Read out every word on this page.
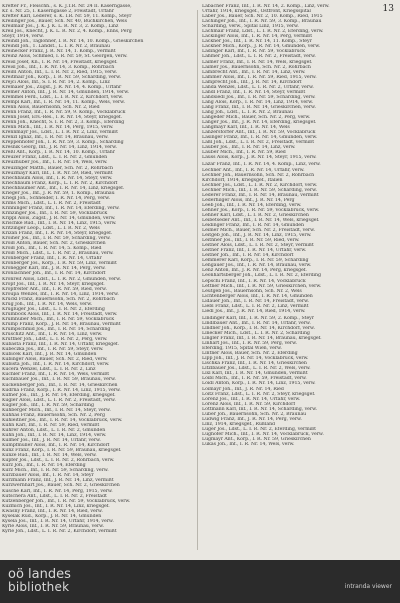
13
Krefter Fr., Fleischh., s. K. J.T.R. Nr. 24 II. Kaserngasse,
Kr. s. Nr. 25, I. Kaserngasse 2, Freistadt, Urfahr
Krefter Karl, Lederer, s. K. I.R. Nr. 59, 11. Komp., Steyr
Kreilinger Jos., Bauer, Sch. Nr. 40, Buchkirchen, Wels
Kreilmair Jos., J. K. J. K. L. R. Nr. 3, 2. Komp., Linz
Kreil Jos., Knecht, J. K. L. R. Nr. 2, 4. Komp., Enns, Perg
Steyr, 1914, verw.
Kreindl Joh., Taglöhner, I. R. Nr. 14, 10. Komp., Grieskirchen
Kreindl Joh., 1. Landst., L. I. R. Nr. 2, Braunau
Kreinecker Franz, J. R. Nr. 14, 1. Komp., vermißt
Kreinz Alois, Schmied, I. R. Nr. 59, St. Georgen, verw.
Kreisl Josef, Kn., I. R. Nr. 14, Freistadt, kriegsgef.
Kreisl Joh., Inf., I. R. Nr. 14, 3. Komp., Rohrbach
Kreißl Anton, Inf., L. I. R. Nr. 2, Ried, 1915, verw.
Kreitmair Joh., Korp., I. R. Nr. 59, Schärding, verw.
Krejci Alois, Inf., S. I. R. Nr. 14, 2. Komp., Linz
Kremaier Jos., Zugsf., J. R. Nr. 14, 4. Komp., Urfahr
Kremer Anton, Inf., J. R. Nr. 14, Gmunden, 1914, verw.
Kremmel Ferd., Ldst., L. I. R. Nr. 2, Kirchdorf, verw.
Krempl Karl, Inf., I. R. Nr. 14, 11. Komp., Wels, verw.
Krenn Alois, Bauernsohn, Sch. Nr. 2, Ried
Krenn Franz, Inf., I. R. Nr. 59, 9. Komp., Vöcklabruck
Krenn Josef, Ers.-Res., I. R. Nr. 14, Steyr, kriegsgef.
Krenn Joh., Knecht, S. I. R. Nr. 2, 3. Komp., Eferding
Krenn Mich., Inf., I. R. Nr. 14, Perg, 1915, verw.
Krennmayr Jos., Ldst., L. I. R. Nr. 2, Linz, vermißt
Krenzl Ignaz, Inf., I. R. Nr. 14, Braunau, verw.
Kreppenhofer Joh., I. R. Nr. 59, 3. Komp., Schärding
Kresnik Georg, Inf., J. R. Nr. 14, Linz, 1914, verw.
Kreßl Ant., Korp., I. R. Nr. 14, 10. Komp., Urfahr
Kreuzer Franz, Ldst., L. I. R. Nr. 2, Gmunden
Kreuzhuber Jos., Inf., I. R. Nr. 14, Wels, verw.
Kreuzinger Matth., Bauer, Sch. Nr. 2, Rohrbach
Kreuzmayr Karl, Inf., I. R. Nr. 59, Ried, vermißt
Kriechbaum Alois, Inf., I. R. Nr. 14, Steyr, verw.
Kriechbaum Franz, Korp., L. I. R. Nr. 2, Kirchdorf
Kriechbaumer Ant., Inf., I. R. Nr. 14, Linz, kriegsgef.
Krieger Jos., Inf., J. R. Nr. 59, 1. Komp., Braunau
Kriegl Joh., Schneider, I. R. Nr. 14, Perg, verw.
Krims Mich., Ldst., L. I. R. Nr. 2, Freistadt
Krinninger Franz, Inf., I. R. Nr. 14, Eferding, verw.
Krinzinger Jos., Inf., I. R. Nr. 59, Vöcklabruck
Krippl Alois, Zugsf., J. R. Nr. 14, Gmunden, verw.
Krischke Rud., Inf., I. R. Nr. 14, Linz, 1915, verw.
Kritzinger Leop., Ldst., L. I. R. Nr. 2, Wels
Krizan Franz, Inf., I. R. Nr. 14, Steyr, kriegsgef.
Kroiher Jos., Inf., I. R. Nr. 59, Schärding, verw.
Kroiß Anton, Bauer, Sch. Nr. 2, Grieskirchen
Kroiß Joh., Inf., I. R. Nr. 14, 5. Komp., Ried
Kroiß Mich., Ldst., L. I. R. Nr. 2, Braunau, verw.
Kronberger Franz, Inf., I. R. Nr. 14, Urfahr
Kronberger Jos., Korp., I. R. Nr. 59, Linz, vermißt
Kronegger Karl, Inf., J. R. Nr. 14, Perg, verw.
Kronlachner Joh., Inf., I. R. Nr. 14, Kirchdorf
Kronreif Alois, Ldst., L. I. R. Nr. 2, Gmunden, verw.
Kropf Jos., Inf., I. R. Nr. 14, Steyr, kriegsgef.
Kropfreiter Ant., Inf., I. R. Nr. 59, Ried, verw.
Kroupa Wenzel, Inf., I. R. Nr. 14, Linz, 1914, verw.
Krückl Franz, Bauernsohn, Sch. Nr. 2, Rohrbach
Krug Joh., Inf., I. R. Nr. 14, Wels, verw.
Krugluger Jos., Ldst., L. I. R. Nr. 2, Eferding
Krumböck Alois, Inf., I. R. Nr. 14, Freistadt, verw.
Krumhuber Mich., Inf., I. R. Nr. 59, Vöcklabruck
Krump Franz, Korp., J. R. Nr. 14, Braunau, vermißt
Krumpschmid Jos., Inf., I. R. Nr. 14, Schärding
Kruschitz Ant., Inf., I. R. Nr. 14, Linz, verw.
Krüttner Joh., Ldst., L. I. R. Nr. 2, Perg, verw.
Kubasta Franz, Inf., I. R. Nr. 14, Urfahr, kriegsgef.
Kubeczka Jos., Inf., I. R. Nr. 59, Steyr, verw.
Kubicek Karl, Inf., J. R. Nr. 14, Gmunden
Kubinger Alois, Bauer, Sch. Nr. 2, Ried, verw.
Kubista Joh., Inf., I. R. Nr. 14, Kirchdorf, verw.
Kucera Wenzel, Ldst., L. I. R. Nr. 2, Linz
Kuchler Franz, Inf., I. R. Nr. 14, Wels, vermißt
Kuchlbauer Jos., Inf., I. R. Nr. 59, Braunau, verw.
Kuckenberger Joh., Inf., I. R. Nr. 14, Grieskirchen
Kudrna Franz, Korp., I. R. Nr. 14, Linz, 1915, verw.
Kufner Jos., Inf., J. R. Nr. 14, Eferding, kriegsgef.
Kugler Alois, Ldst., L. I. R. Nr. 2, Freistadt, verw.
Kugler Joh., Inf., I. R. Nr. 59, Schärding
Kühberger Mich., Inf., I. R. Nr. 14, Steyr, verw.
Kühhas Franz, Bauernsohn, Sch. Nr. 2, Perg
Kühleitner Jos., Inf., I. R. Nr. 14, Vöcklabruck, verw.
Kühn Karl, Inf., I. R. Nr. 59, Ried, vermißt
Kührer Anton, Ldst., L. I. R. Nr. 2, Gmunden
Kuhn Joh., Inf., I. R. Nr. 14, Linz, 1914, verw.
Kulmer Jos., Inf., J. R. Nr. 14, Urfahr, verw.
Kumpfmüller Alois, Inf., I. R. Nr. 14, Kirchdorf
Kunz Franz, Korp., I. R. Nr. 59, Braunau, kriegsgef.
Kunze Rud., Inf., I. R. Nr. 14, Wels, verw.
Kupfer Jos., Ldst., L. I. R. Nr. 2, Rohrbach, verw.
Kurz Joh., Inf., I. R. Nr. 14, Eferding
Kurz Mich., Inf., I. R. Nr. 59, Schärding, verw.
Kurzbauer Alois, Inf., I. R. Nr. 14, Steyr
Kurzmann Franz, Inf., J. R. Nr. 14, Linz, vermißt
Kurzwernhart Jos., Bauer, Sch. Nr. 2, Grieskirchen
Kusche Karl, Inf., I. R. Nr. 14, Perg, 1915, verw.
Kutschera Ant., Ldst., L. I. R. Nr. 2, Freistadt
Kutzenberger Joh., Inf., I. R. Nr. 59, Vöcklabruck, verw.
Kuzmich Jos., Inf., I. R. Nr. 14, Linz, kriegsgef.
Kwasny Franz, Inf., I. R. Nr. 14, Ried, verw.
Kyselak Rud., Korp., J. R. Nr. 14, Gmunden
Kysela Jos., Inf., I. R. Nr. 14, Urfahr, 1914, verw.
Kyrle Alois, Inf., I. R. Nr. 59, Braunau, verw.
Kyrle Joh., Ldst., L. I. R. Nr. 2, Kirchdorf, vermißt
Labacher Franz, Inf., I. R. Nr. 14, 2. Komp., Linz, verw.
Urfahr, 1914, kriegsgef., Ostfront, Kriegsspital
Laber Jos., Bauer, Sch. Nr. 2, 10. Komp., Ried, 1915
Lachinger Joh., Inf., I. R. Nr. 59, 3. Komp., Braunau
Schärding, verw., Spital Linz, 1915, verw.
Lachmair Franz, Ldst., L. I. R. Nr. 2, Eferding, verw.
Lackinger Alois, Inf., I. R. Nr. 14, Perg, vermißt
Lackner Jos., Inf., I. R. Nr. 14, 11. Komp., Steyr
Lackner Mich., Korp., J. R. Nr. 14, Gmunden, verw.
Ladinger Karl, Inf., I. R. Nr. 59, Vöcklabruck
Lahmer Joh., Ldst., L. I. R. Nr. 2, Freistadt, verw.
Laimer Franz, Inf., I. R. Nr. 14, Wels, kriegsgef.
Laimer Jos., Bauernsohn, Sch. Nr. 2, Rohrbach
Lambrecht Ant., Inf., I. R. Nr. 14, Linz, verw.
Lammer Alois, Inf., I. R. Nr. 59, Ried, 1915, verw.
Lamprecht Joh., Inf., J. R. Nr. 14, Kirchdorf
Landa Wenzel, Ldst., L. I. R. Nr. 2, Urfahr, verw.
Landl Franz, Inf., I. R. Nr. 14, Steyr, vermißt
Landsiedl Jos., Inf., I. R. Nr. 59, Schärding, verw.
Lang Alois, Korp., I. R. Nr. 14, Linz, 1914, verw.
Lang Franz, Inf., I. R. Nr. 14, Grieskirchen, verw.
Lang Joh., Ldst., L. I. R. Nr. 2, Braunau
Langeder Mich., Bauer, Sch. Nr. 2, Perg, verw.
Langer Jos., Inf., J. R. Nr. 14, Eferding, kriegsgef.
Langmayr Karl, Inf., I. R. Nr. 14, Wels
Lanzerstorfer Ant., Inf., I. R. Nr. 59, Vöcklabruck
Lasinger Franz, Inf., I. R. Nr. 14, Gmunden, verw.
Laßl Joh., Ldst., L. I. R. Nr. 2, Freistadt, vermißt
Lauber Jos., Inf., I. R. Nr. 14, Linz, verw.
Lauber Mich., Inf., I. R. Nr. 59, Ried
Lauss Alois, Korp., J. R. Nr. 14, Steyr, 1915, verw.
Lazar Franz, Inf., I. R. Nr. 14, 4. Komp., Linz, verw.
Lechner Ant., Inf., I. R. Nr. 14, Urfahr, verw.
Lechner Joh., Bauernsohn, Sch. Nr. 2, Rohrbach
Kirchdorf, 1914, kriegsgef., Italien
Lechner Jos., Ldst., L. I. R. Nr. 2, Kirchdorf, verw.
Lechner Mich., Inf., I. R. Nr. 59, Schärding, verw.
Lederer Franz, Inf., I. R. Nr. 14, Braunau, vermißt
Lederhilger Alois, Inf., J. R. Nr. 14, Perg
Leeb Joh., Inf., I. R. Nr. 14, Eferding, verw.
Lehner Jos., Korp., I. R. Nr. 59, Vöcklabruck, verw.
Lehner Karl, Ldst., L. I. R. Nr. 2, Grieskirchen
Leibetseder Ant., Inf., I. R. Nr. 14, Wels, kriegsgef.
Leidinger Franz, Inf., I. R. Nr. 14, Gmunden
Leimer Mich., Bauer, Sch. Nr. 2, Freistadt, verw.
Leitgeb Joh., Inf., J. R. Nr. 14, Linz, 1915, verw.
Leithner Jos., Inf., I. R. Nr. 59, Ried, verw.
Leitner Alois, Ldst., L. I. R. Nr. 2, Steyr, vermißt
Leitner Franz, Inf., I. R. Nr. 14, Urfahr, verw.
Leitner Joh., Inf., I. R. Nr. 14, Kirchdorf
Lemmerer Karl, Korp., I. R. Nr. 59, Schärding
Lengauer Jos., Inf., I. R. Nr. 14, Braunau, verw.
Lenz Anton, Inf., J. R. Nr. 14, Perg, kriegsgef.
Leonhartsberger Joh., Ldst., L. I. R. Nr. 2, Eferding
Lepschi Franz, Inf., I. R. Nr. 14, Vöcklabruck
Lettner Mich., Inf., I. R. Nr. 59, Grieskirchen, verw.
Leutgeb Jos., Bauernsohn, Sch. Nr. 2, Wels
Lichtenberger Alois, Inf., I. R. Nr. 14, Gmunden
Lidauer Joh., Inf., I. R. Nr. 14, Freistadt, verw.
Liebl Franz, Ldst., L. I. R. Nr. 2, Linz, vermißt
Liedl Jos., Inf., J. R. Nr. 14, Ried, 1914, verw.
Lindinger Karl, Inf., I. R. Nr. 59, 2. Komp., Steyr
Lindlbauer Ant., Inf., I. R. Nr. 14, Urfahr, verw.
Lindner Joh., Korp., I. R. Nr. 14, Kirchdorf, verw.
Linecker Mich., Ldst., L. I. R. Nr. 2, Schärding
Lingler Franz, Inf., I. R. Nr. 14, Braunau, kriegsgef.
Linhart Jos., Inf., I. R. Nr. 59, Perg, verw.
Eferding, 1915, Spital Wien, verw.
Lintner Alois, Bauer, Sch. Nr. 2, Eferding
Lipp Joh., Inf., J. R. Nr. 14, Vöcklabruck, verw.
Lischka Franz, Inf., I. R. Nr. 14, Grieskirchen
Litzlbauer Jos., Ldst., L. I. R. Nr. 2, Wels, verw.
Lixl Karl, Inf., I. R. Nr. 14, Gmunden, vermißt
Loibl Mich., Inf., I. R. Nr. 59, Freistadt, verw.
Loidl Anton, Korp., I. R. Nr. 14, Linz, 1915, verw.
Loimayr Joh., Inf., J. R. Nr. 14, Ried
Loitz Franz, Ldst., L. I. R. Nr. 2, Steyr, kriegsgef.
Lorenz Jos., Inf., I. R. Nr. 14, Urfahr, verw.
Lorenz Alois, Inf., I. R. Nr. 59, Kirchdorf
Lottmann Karl, Inf., I. R. Nr. 14, Schärding, verw.
Luber Joh., Bauernsohn, Sch. Nr. 2, Braunau
Ludwig Franz, Inf., J. R. Nr. 14, Perg, verw.
Linz, 1914, kriegsgef., Rußland
Luger Jos., Ldst., L. I. R. Nr. 2, Eferding, vermißt
Lughofer Mich., Inf., I. R. Nr. 14, Vöcklabruck, verw.
Lugmayr Ant., Korp., I. R. Nr. 59, Grieskirchen
Lukas Joh., Inf., I. R. Nr. 14, Wels, verw.
oö landes
bibliothek	intranda viewer
